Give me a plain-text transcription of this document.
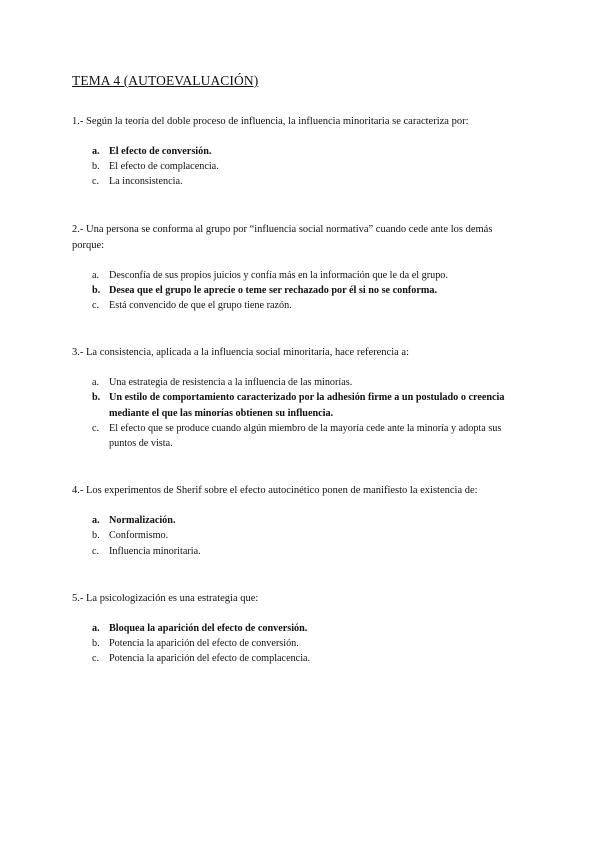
TEMA 4 (AUTOEVALUACIÓN)

1.- Según la teoría del doble proceso de influencia, la influencia minoritaria se caracteriza por:

a. El efecto de conversión.
b. El efecto de complacencia.
c. La inconsistencia.

2.- Una persona se conforma al grupo por “influencia social normativa” cuando cede ante los demás porque:

a. Desconfía de sus propios juicios y confía más en la información que le da el grupo.
b. Desea que el grupo le aprecie o teme ser rechazado por él si no se conforma.
c. Está convencido de que el grupo tiene razón.

3.- La consistencia, aplicada a la influencia social minoritaria, hace referencia a:

a. Una estrategia de resistencia a la influencia de las minorías.
b. Un estilo de comportamiento caracterizado por la adhesión firme a un postulado o creencia mediante el que las minorías obtienen su influencia.
c. El efecto que se produce cuando algún miembro de la mayoría cede ante la minoría y adopta sus puntos de vista.

4.- Los experimentos de Sherif sobre el efecto autocinético ponen de manifiesto la existencia de:

a. Normalización.
b. Conformismo.
c. Influencia minoritaria.

5.- La psicologización es una estrategia que:

a. Bloquea la aparición del efecto de conversión.
b. Potencia la aparición del efecto de conversión.
c. Potencia la aparición del efecto de complacencia.
